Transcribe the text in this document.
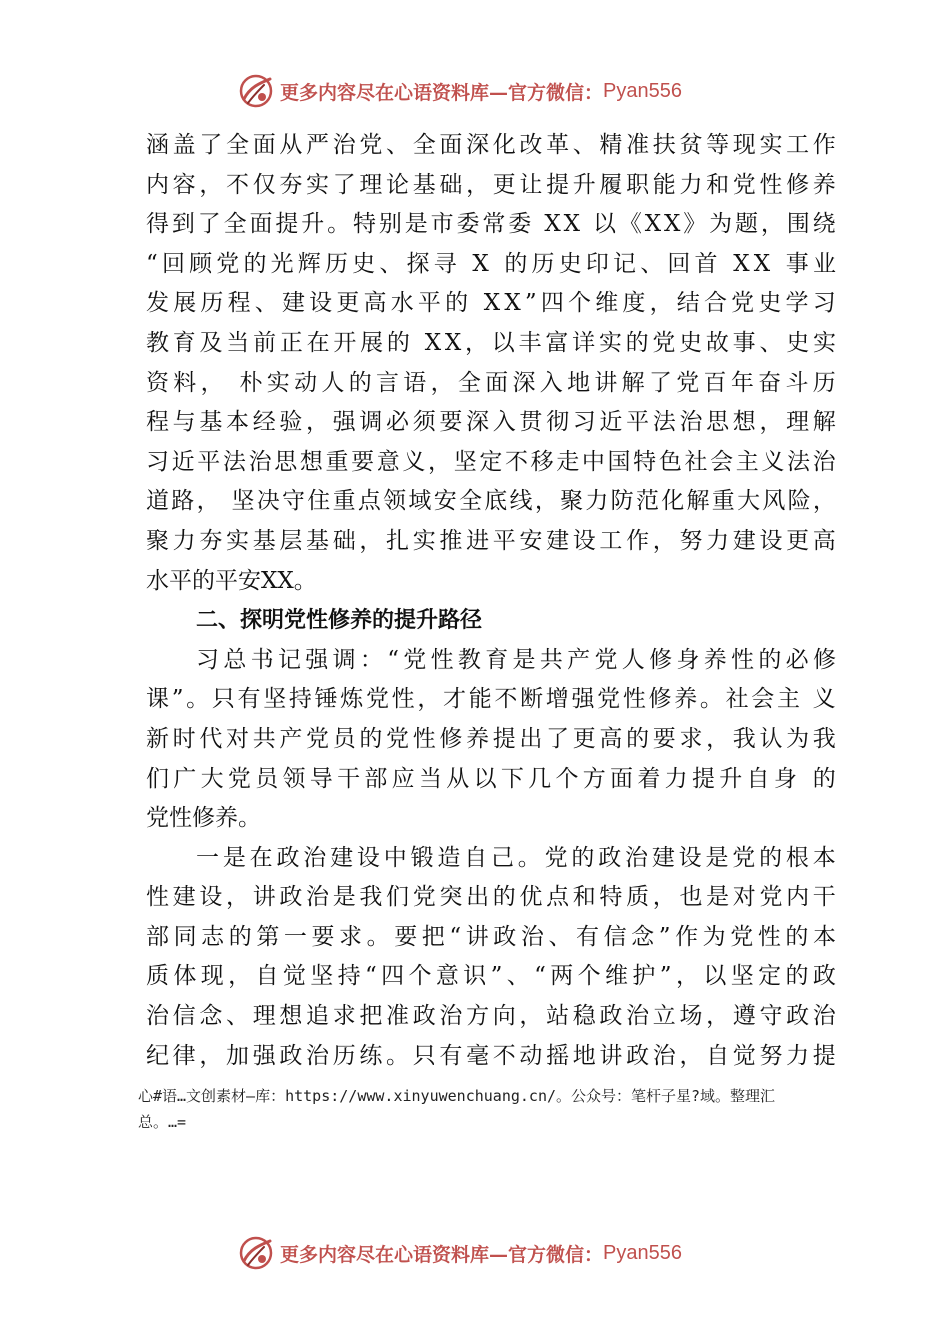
更多内容尽在心语资料库—官方微信： Pyan556
涵 盖 了 全 面 从 严 治 党 、 全 面 深 化 改 革 、 精 准 扶 贫 等 现 实 工 作
内 容 ， 不 仅 夯 实 了 理 论 基 础 ， 更 让 提 升 履 职 能 力 和 党 性 修 养
得 到 了 全 面 提 升 。 特 别 是 市 委 常 委
X X
以 《 X X 》 为 题 ， 围 绕
“ 回 顾 党 的 光 辉 历 史 、 探 寻
X
的 历 史 印 记 、 回 首
X X
事 业
发 展 历 程 、 建 设 更 高 水 平 的
X X ” 四 个 维 度 ， 结 合 党 史 学 习
教 育 及 当 前 正 在 开 展 的
X X ， 以 丰 富 详 实 的 党 史 故 事 、 史 实
资 料 ，
朴 实 动 人 的 言 语 ， 全 面 深 入 地 讲 解 了 党 百 年 奋 斗 历
程 与 基 本 经 验 ， 强 调 必 须 要 深 入 贯 彻 习 近 平 法 治 思 想 ， 理 解
习 近 平 法 治 思 想 重 要 意 义 ， 坚 定 不 移 走 中 国 特 色 社 会 主 义 法 治
道 路 ，
坚 决 守 住 重 点 领 域 安 全 底 线 ， 聚 力 防 范 化 解 重 大 风 险 ，
聚 力 夯 实 基 层 基 础 ， 扎 实 推 进 平 安 建 设 工 作 ， 努 力 建 设 更 高
水平的平安XX。
二、探明党性修养的提升路径
习 总 书 记 强 调 ： “ 党 性 教 育 是 共 产 党 人 修 身 养 性 的 必 修
课 ” 。 只 有 坚 持 锤 炼 党 性 ， 才 能 不 断 增 强 党 性 修 养 。 社 会 主
义
新 时 代 对 共 产 党 员 的 党 性 修 养 提 出 了 更 高 的 要 求 ， 我 认 为 我
们 广 大 党 员 领 导 干 部 应 当 从 以 下 几 个 方 面 着 力 提 升 自 身
的
党性修养。
一 是 在 政 治 建 设 中 锻 造 自 己 。 党 的 政 治 建 设 是 党 的 根 本
性 建 设 ， 讲 政 治 是 我 们 党 突 出 的 优 点 和 特 质 ， 也 是 对 党 内 干
部 同 志 的 第 一 要 求 。 要 把 “ 讲 政 治 、 有 信 念 ” 作 为 党 性 的 本
质 体 现 ， 自 觉 坚 持 “ 四 个 意 识 ” 、 “ 两 个 维 护 ” ， 以 坚 定 的 政
治 信 念 、 理 想 追 求 把 准 政 治 方 向 ， 站 稳 政 治 立 场 ， 遵 守 政 治
纪 律 ， 加 强 政 治 历 练 。 只 有 毫 不 动 摇 地 讲 政 治 ， 自 觉 努 力 提
心#语…文创素材—库：https://www.xinyuwenchuang.cn/。公众号：笔杆子星?域。整理汇
总。…=
更多内容尽在心语资料库—官方微信： Pyan556
